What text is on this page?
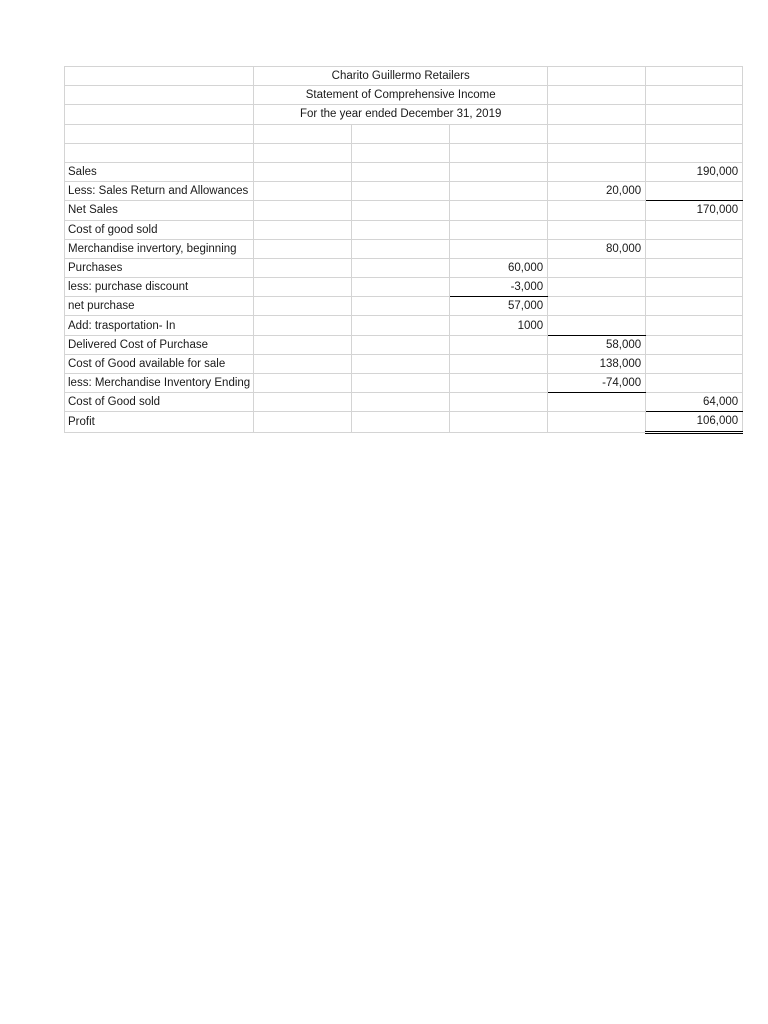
	Charito Guillermo Retailers				
	Statement of Comprehensive Income				
	For the year ended December 31, 2019				

Sales					190,000
Less: Sales Return and Allowances				20,000	
Net Sales					170,000
Cost of good sold					
Merchandise invertory, beginning				80,000	
Purchases			60,000		
less: purchase discount			-3,000		
net purchase			57,000		
Add: trasportation- In			1000		
Delivered Cost of Purchase				58,000	
Cost of Good available for sale				138,000	
less: Merchandise Inventory Ending				-74,000	
Cost of Good sold					64,000
Profit					106,000
